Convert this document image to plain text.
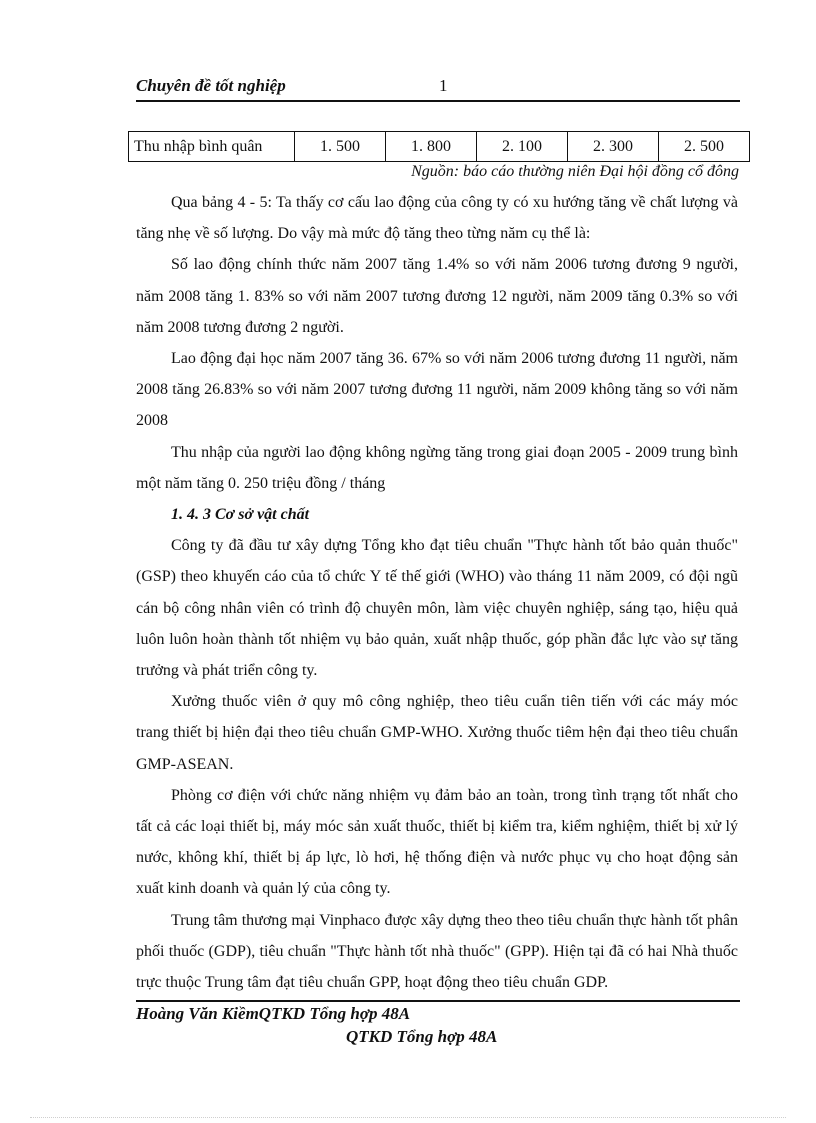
Chuyên đề tốt nghiệp	1
Thu nhập bình quân	1. 500	1. 800	2. 100	2. 300	2. 500
Nguồn: báo cáo thường niên Đại hội đồng cổ đông

Qua bảng 4 - 5: Ta thấy cơ cấu lao động của công ty có xu hướng tăng về chất lượng và tăng nhẹ về số lượng. Do vậy mà mức độ tăng theo từng năm cụ thể là:

Số lao động chính thức năm 2007 tăng 1.4% so với năm 2006 tương đương 9 người, năm 2008 tăng 1. 83% so với năm 2007 tương đương 12 người, năm 2009 tăng 0.3% so với năm 2008 tương đương 2 người.

Lao động đại học năm 2007 tăng 36. 67% so với năm 2006 tương đương 11 người, năm 2008 tăng 26.83% so với năm 2007 tương đương 11 người, năm 2009 không tăng so với năm 2008

Thu nhập của người lao động không ngừng tăng trong giai đoạn 2005 - 2009 trung bình một năm tăng 0. 250 triệu đồng / tháng

1. 4. 3 Cơ sở vật chất

Công ty đã đầu tư xây dựng Tổng kho đạt tiêu chuẩn "Thực hành tốt bảo quản thuốc" (GSP) theo khuyến cáo của tổ chức Y tế thế giới (WHO) vào tháng 11 năm 2009, có đội ngũ cán bộ công nhân viên có trình độ chuyên môn, làm việc chuyên nghiệp, sáng tạo, hiệu quả luôn luôn hoàn thành tốt nhiệm vụ bảo quản, xuất nhập thuốc, góp phần đắc lực vào sự tăng trưởng và phát triển công ty.

Xưởng thuốc viên ở quy mô công nghiệp, theo tiêu cuẩn tiên tiến với các máy móc trang thiết bị hiện đại theo tiêu chuẩn GMP-WHO. Xưởng thuốc tiêm hện đại theo tiêu chuẩn GMP-ASEAN.

Phòng cơ điện với chức năng nhiệm vụ đảm bảo an toàn, trong tình trạng tốt nhất cho tất cả các loại thiết bị, máy móc sản xuất thuốc, thiết bị kiểm tra, kiểm nghiệm, thiết bị xử lý nước, không khí, thiết bị áp lực, lò hơi, hệ thống điện và nước phục vụ cho hoạt động sản xuất kinh doanh và quản lý của công ty.

Trung tâm thương mại Vinphaco được xây dựng theo theo tiêu chuẩn thực hành tốt phân phối thuốc (GDP), tiêu chuẩn "Thực hành tốt nhà thuốc" (GPP). Hiện tại đã có hai Nhà thuốc trực thuộc Trung tâm đạt tiêu chuẩn GPP, hoạt động theo tiêu chuẩn GDP.

Hoàng Văn KiềmQTKD Tổng hợp 48A
QTKD Tổng hợp 48A
